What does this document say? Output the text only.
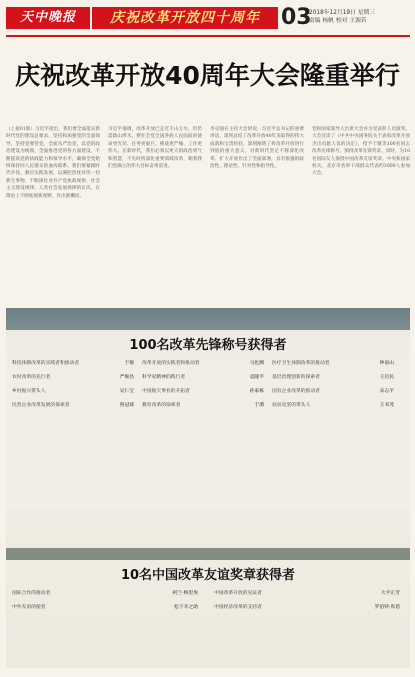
天中晚报	庆祝改革开放四十周年 03
2018年12月19日 星期三
责编 杨帆 校对 王源若
庆祝改革开放40周年大会隆重举行
（上接01版）习近平指出，我们要全面落实新时代党的建设总要求，坚持和加强党的全面领导，坚持党要管党、全面从严治党，以党的政治建设为统领，全面推进党的各方面建设，不断提高党的执政能力和领导水平，确保全党始终保持同人民群众的血肉联系。我们要紧跟时代步伐，顺应实践发展，以满腔热忱对待一切新生事物，不断深化对共产党执政规律、社会主义建设规律、人类社会发展规律的认识，在理论上不断拓展新视野、作出新概括。
习近平强调，改革开放已走过千山万水，但仍需跋山涉水，摆在全党全国各族人民面前的使命更光荣、任务更艰巨、挑战更严峻、工作更伟大。在新时代，我们必须以更大的政治勇气和智慧，不失时机深化重要领域改革，朝着我们党确立的伟大目标奋勇前进。
李克强在主持大会时说，习近平总书记的重要讲话，深刻总结了改革开放40年来取得的伟大成就和宝贵经验，深刻阐明了将改革开放进行到底的重大意义，对新时代坚定不移深化改革、扩大开放作出了全面部署，具有很强的政治性、理论性、针对性和指导性。
党和国家领导人出席大会并为受表彰人员颁奖。大会宣读了《中共中央国务院关于表彰改革开放杰出贡献人员的决定》，授予于敏等100名同志改革先锋称号，颁授改革先锋奖章。同时，为10名国际友人颁授中国改革友谊奖章。中央和国家机关、北京市各界干部群众代表约3000人参加大会。
100名改革先锋称号获得者
科技体制改革的实践者和推动者	于敏
农村改革的先行者	严俊昌
乡村振兴带头人	吴仁宝
民营企业改革发展的探索者	鲁冠球
改革开放的实践者和推动者	马化腾
科学家精神的践行者	袁隆平
中国航天事业的开拓者	孙家栋
教育改革的探索者	于漪
医疗卫生体制改革的推动者	钟南山
基层治理创新的探索者	王启民
国有企业改革的推动者	宋志平
扶贫攻坚的带头人	王书茂
10名中国改革友谊奖章获得者
国际合作的推动者	阿兰·梅里埃
中外友谊的使者	松下幸之助
中国改革开放的见证者	大平正芳
中国经济改革的支持者	罗伯特·库恩
